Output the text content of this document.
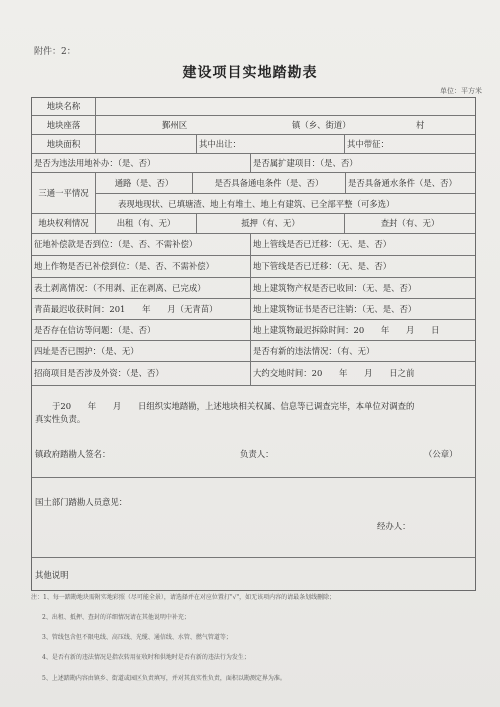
附件：2：
建设项目实地踏勘表
单位：平方米
地块名称
地块座落	鄞州区	镇（乡、街道）	村
地块面积	其中出让：	其中带征：
是否为违法用地补办：（是、否）	是否属扩建项目：（是、否）
三通一平情况
通路（是、否）	是否具备通电条件（是、否）	是否具备通水条件（是、否）
表现地现状、已填塘渣、地上有堆土、地上有建筑、已全部平整（可多选）
地块权利情况	出租（有、无）	抵押（有、无）	查封（有、无）
征地补偿款是否到位：（是、否、不需补偿）	地上管线是否已迁移：（无、是、否）
地上作物是否已补偿到位：（是、否、不需补偿）	地下管线是否已迁移：（无、是、否）
表土剥离情况：（不用剥、正在剥离、已完成）	地上建筑物产权是否已收回：（无、是、否）
青苗最迟收获时间：201　　年　　月（无青苗）	地上建筑物证书是否已注销：（无、是、否）
是否存在信访等问题：（是、否）	地上建筑物最迟拆除时间：20　　年　　月　　日
四址是否已围护：（是、无）	是否有新的违法情况：（有、无）
招商项目是否涉及外资：（是、否）	大约交地时间：20　　年　　月　　日之前
于20　　年　　月　　日组织实地踏勘，上述地块相关权属、信息等已调查完毕，本单位对调查的
真实性负责。
镇政府踏勘人签名：	负责人：	（公章）
国土部门踏勘人员意见：
经办人：
其他说明
注：1、每一踏勘地块需附实地彩照（尽可能全景），请选择并在对应位置打"√"，如无该项内容的请最条划线删除；
2、出租、抵押、查封的详细情况请在其他说明中补充；
3、管线包含但不限电线、高压线、光缆、通信线、水管、燃气管道等；
4、是否有新的违法情况是指农转用征收时和供地时是否有新的违法行为发生；
5、上述踏勘内容由镇乡、街道或园区负责填写，并对其真实性负责，面积以勘测定界为准。
